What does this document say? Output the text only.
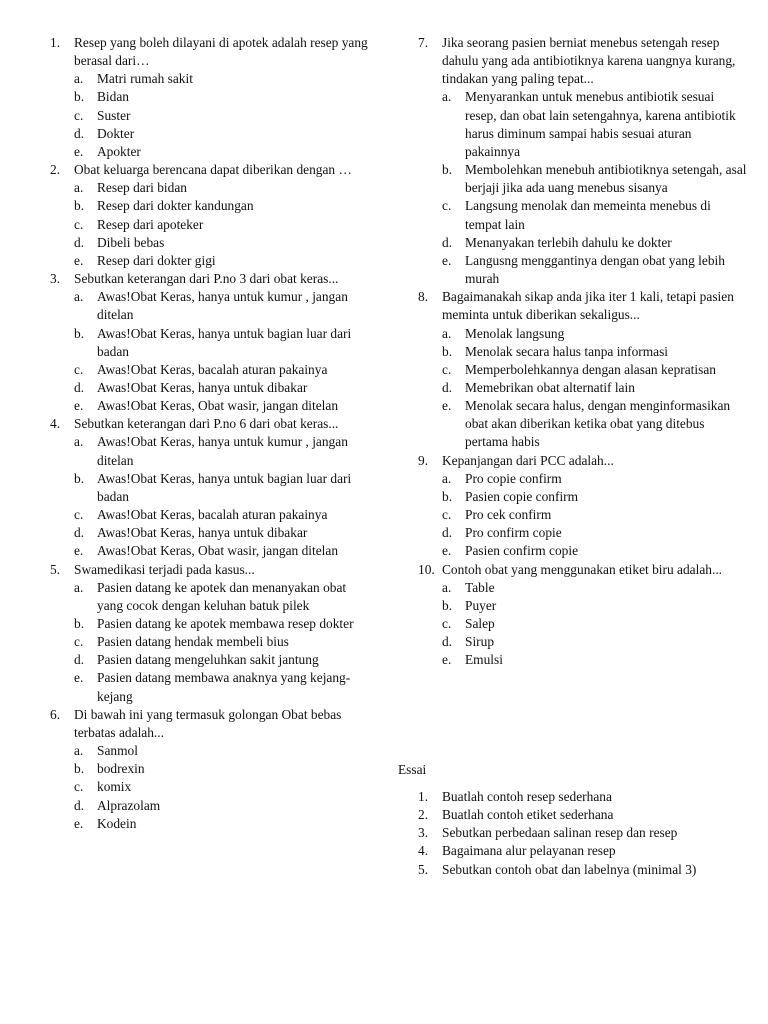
1.	Resep yang boleh dilayani di apotek adalah resep yang berasal dari…
a.	Matri rumah sakit
b. Bidan
c.	Suster
d. Dokter
e.	Apokter
2.	Obat keluarga berencana dapat diberikan dengan …
a.	Resep dari bidan
b. Resep dari dokter kandungan
c.	Resep dari apoteker
d. Dibeli bebas
e.	Resep dari dokter gigi
3.	Sebutkan keterangan dari P.no 3 dari obat keras...
a.	Awas!Obat Keras, hanya untuk kumur , jangan ditelan
b. Awas!Obat Keras, hanya untuk bagian luar dari badan
c.	Awas!Obat Keras, bacalah aturan pakainya
d. Awas!Obat Keras, hanya untuk dibakar
e.	Awas!Obat Keras, Obat wasir, jangan ditelan
4.	Sebutkan keterangan dari P.no 6 dari obat keras...
a.	Awas!Obat Keras, hanya untuk kumur , jangan ditelan
b. Awas!Obat Keras, hanya untuk bagian luar dari badan
c.	Awas!Obat Keras, bacalah aturan pakainya
d. Awas!Obat Keras, hanya untuk dibakar
e.	Awas!Obat Keras, Obat wasir, jangan ditelan
5.	Swamedikasi terjadi pada kasus...
a.	Pasien datang ke apotek dan menanyakan obat yang cocok dengan keluhan batuk pilek
b. Pasien datang ke apotek membawa resep dokter
c.	Pasien datang hendak membeli bius
d. Pasien datang mengeluhkan sakit jantung
e.	Pasien datang membawa anaknya yang kejang-kejang
6.	Di bawah ini yang termasuk golongan Obat bebas terbatas adalah...
a.	Sanmol
b. bodrexin
c.	komix
d. Alprazolam
e.	Kodein
7.	Jika seorang pasien berniat menebus setengah resep dahulu yang ada antibiotiknya karena uangnya kurang, tindakan yang paling tepat...
a.	Menyarankan untuk menebus antibiotik sesuai resep, dan obat lain setengahnya, karena antibiotik harus diminum sampai habis sesuai aturan pakainnya
b. Membolehkan menebuh antibiotiknya setengah, asal berjaji jika ada uang menebus sisanya
c.	Langsung menolak dan memeinta menebus di tempat lain
d. Menanyakan terlebih dahulu ke dokter
e.	Langusng menggantinya dengan obat yang lebih murah
8.	Bagaimanakah sikap anda jika iter 1 kali, tetapi pasien meminta untuk diberikan sekaligus...
a.	Menolak langsung
b. Menolak secara halus tanpa informasi
c.	Memperbolehkannya dengan alasan kepratisan
d. Memebrikan obat alternatif lain
e.	Menolak secara halus, dengan menginformasikan obat akan diberikan ketika obat yang ditebus pertama habis
9.	Kepanjangan dari PCC adalah...
a.	Pro copie confirm
b. Pasien copie confirm
c.	Pro cek confirm
d. Pro confirm copie
e.	Pasien confirm copie
10. Contoh obat yang menggunakan etiket biru adalah...
a.	Table
b. Puyer
c.	Salep
d. Sirup
e.	Emulsi
Essai
1.	Buatlah contoh resep sederhana
2.	Buatlah contoh etiket sederhana
3.	Sebutkan perbedaan salinan resep dan resep
4.	Bagaimana alur pelayanan resep
5.	Sebutkan contoh obat dan labelnya (minimal 3)
